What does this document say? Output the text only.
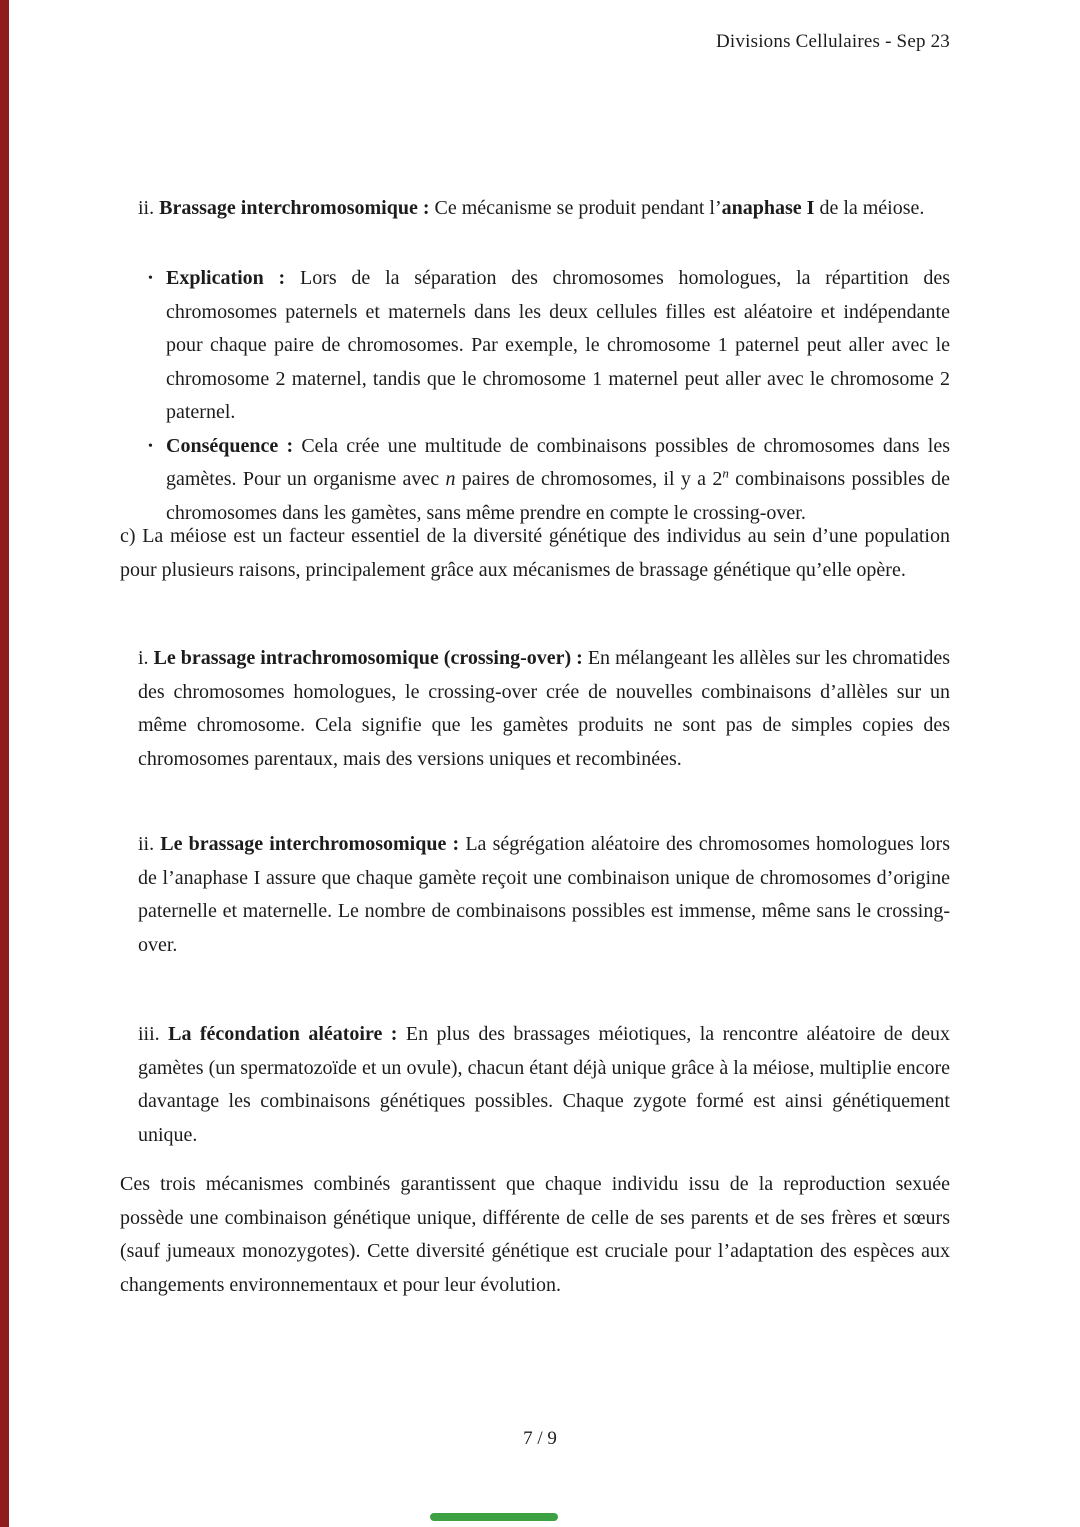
Divisions Cellulaires - Sep 23

ii. Brassage interchromosomique : Ce mécanisme se produit pendant l’anaphase I de la méiose.

• Explication : Lors de la séparation des chromosomes homologues, la répartition des chromosomes paternels et maternels dans les deux cellules filles est aléatoire et indépendante pour chaque paire de chromosomes. Par exemple, le chromosome 1 paternel peut aller avec le chromosome 2 maternel, tandis que le chromosome 1 maternel peut aller avec le chromosome 2 paternel.

• Conséquence : Cela crée une multitude de combinaisons possibles de chromosomes dans les gamètes. Pour un organisme avec n paires de chromosomes, il y a 2$^n$ combinaisons possibles de chromosomes dans les gamètes, sans même prendre en compte le crossing-over.

c) La méiose est un facteur essentiel de la diversité génétique des individus au sein d’une population pour plusieurs raisons, principalement grâce aux mécanismes de brassage génétique qu’elle opère.

i. Le brassage intrachromosomique (crossing-over) : En mélangeant les allèles sur les chromatides des chromosomes homologues, le crossing-over crée de nouvelles combinaisons d’allèles sur un même chromosome. Cela signifie que les gamètes produits ne sont pas de simples copies des chromosomes parentaux, mais des versions uniques et recombinées.

ii. Le brassage interchromosomique : La ségrégation aléatoire des chromosomes homologues lors de l’anaphase I assure que chaque gamète reçoit une combinaison unique de chromosomes d’origine paternelle et maternelle. Le nombre de combinaisons possibles est immense, même sans le crossing-over.

iii. La fécondation aléatoire : En plus des brassages méiotiques, la rencontre aléatoire de deux gamètes (un spermatozoïde et un ovule), chacun étant déjà unique grâce à la méiose, multiplie encore davantage les combinaisons génétiques possibles. Chaque zygote formé est ainsi génétiquement unique.

Ces trois mécanismes combinés garantissent que chaque individu issu de la reproduction sexuée possède une combinaison génétique unique, différente de celle de ses parents et de ses frères et sœurs (sauf jumeaux monozygotes). Cette diversité génétique est cruciale pour l’adaptation des espèces aux changements environnementaux et pour leur évolution.

7 / 9
